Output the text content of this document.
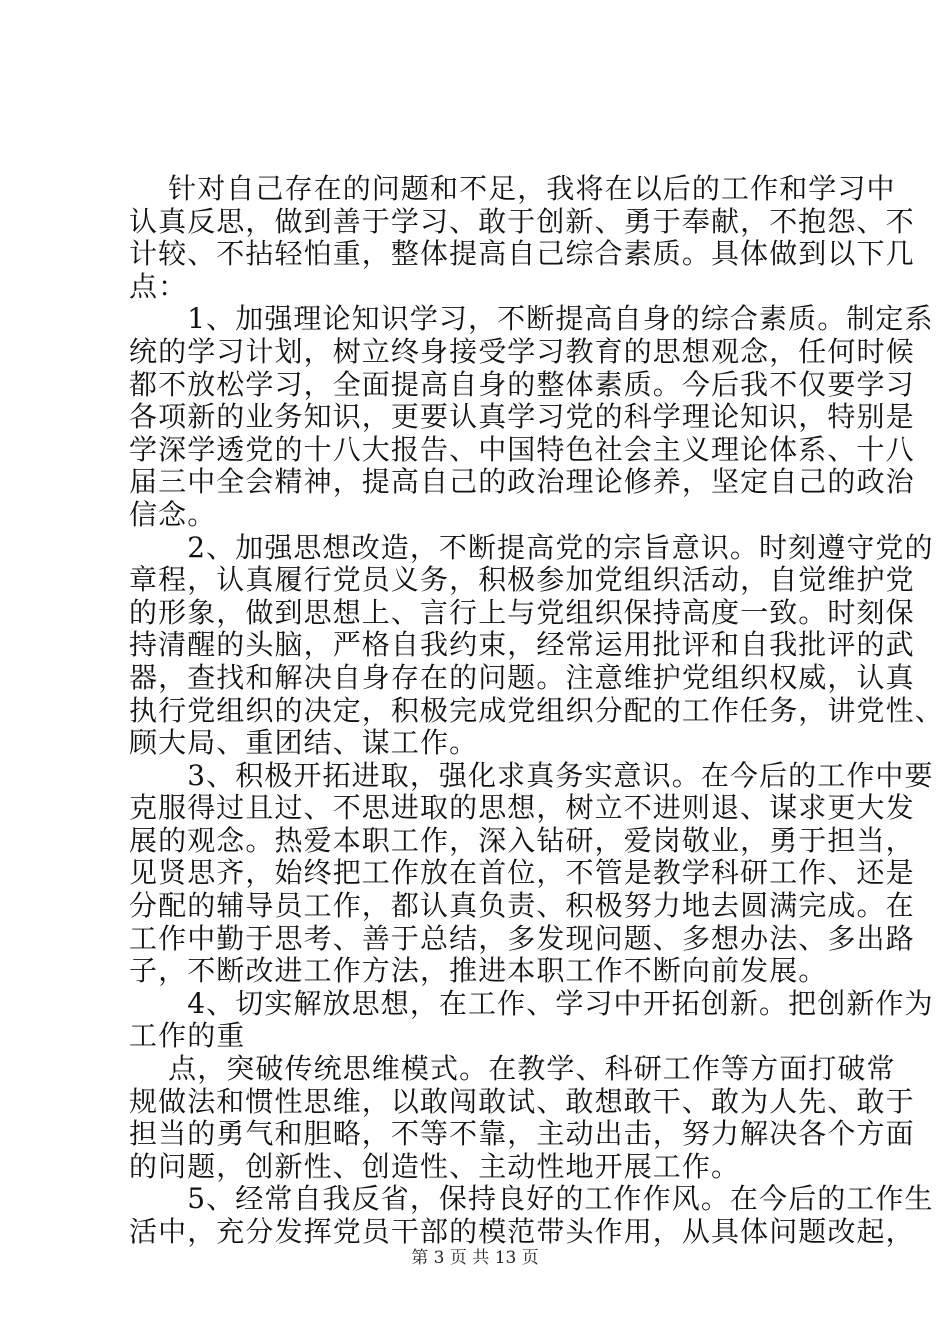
　 针对自己存在的问题和不足，我将在以后的工作和学习中
认真反思，做到善于学习、敢于创新、勇于奉献，不抱怨、不
计较、不拈轻怕重，整体提高自己综合素质。具体做到以下几
点：
　　1、加强理论知识学习，不断提高自身的综合素质。制定系
统的学习计划，树立终身接受学习教育的思想观念，任何时候
都不放松学习，全面提高自身的整体素质。今后我不仅要学习
各项新的业务知识，更要认真学习党的科学理论知识，特别是
学深学透党的十八大报告、中国特色社会主义理论体系、十八
届三中全会精神，提高自己的政治理论修养，坚定自己的政治
信念。
　　2、加强思想改造，不断提高党的宗旨意识。时刻遵守党的
章程，认真履行党员义务，积极参加党组织活动，自觉维护党
的形象，做到思想上、言行上与党组织保持高度一致。时刻保
持清醒的头脑，严格自我约束，经常运用批评和自我批评的武
器，查找和解决自身存在的问题。注意维护党组织权威，认真
执行党组织的决定，积极完成党组织分配的工作任务，讲党性、
顾大局、重团结、谋工作。
　　3、积极开拓进取，强化求真务实意识。在今后的工作中要
克服得过且过、不思进取的思想，树立不进则退、谋求更大发
展的观念。热爱本职工作，深入钻研，爱岗敬业，勇于担当，
见贤思齐，始终把工作放在首位，不管是教学科研工作、还是
分配的辅导员工作，都认真负责、积极努力地去圆满完成。在
工作中勤于思考、善于总结，多发现问题、多想办法、多出路
子，不断改进工作方法，推进本职工作不断向前发展。
　　4、切实解放思想，在工作、学习中开拓创新。把创新作为
工作的重
　 点，突破传统思维模式。在教学、科研工作等方面打破常
规做法和惯性思维，以敢闯敢试、敢想敢干、敢为人先、敢于
担当的勇气和胆略，不等不靠，主动出击，努力解决各个方面
的问题，创新性、创造性、主动性地开展工作。
　　5、经常自我反省，保持良好的工作作风。在今后的工作生
活中，充分发挥党员干部的模范带头作用，从具体问题改起，
第 3 页 共 13 页
